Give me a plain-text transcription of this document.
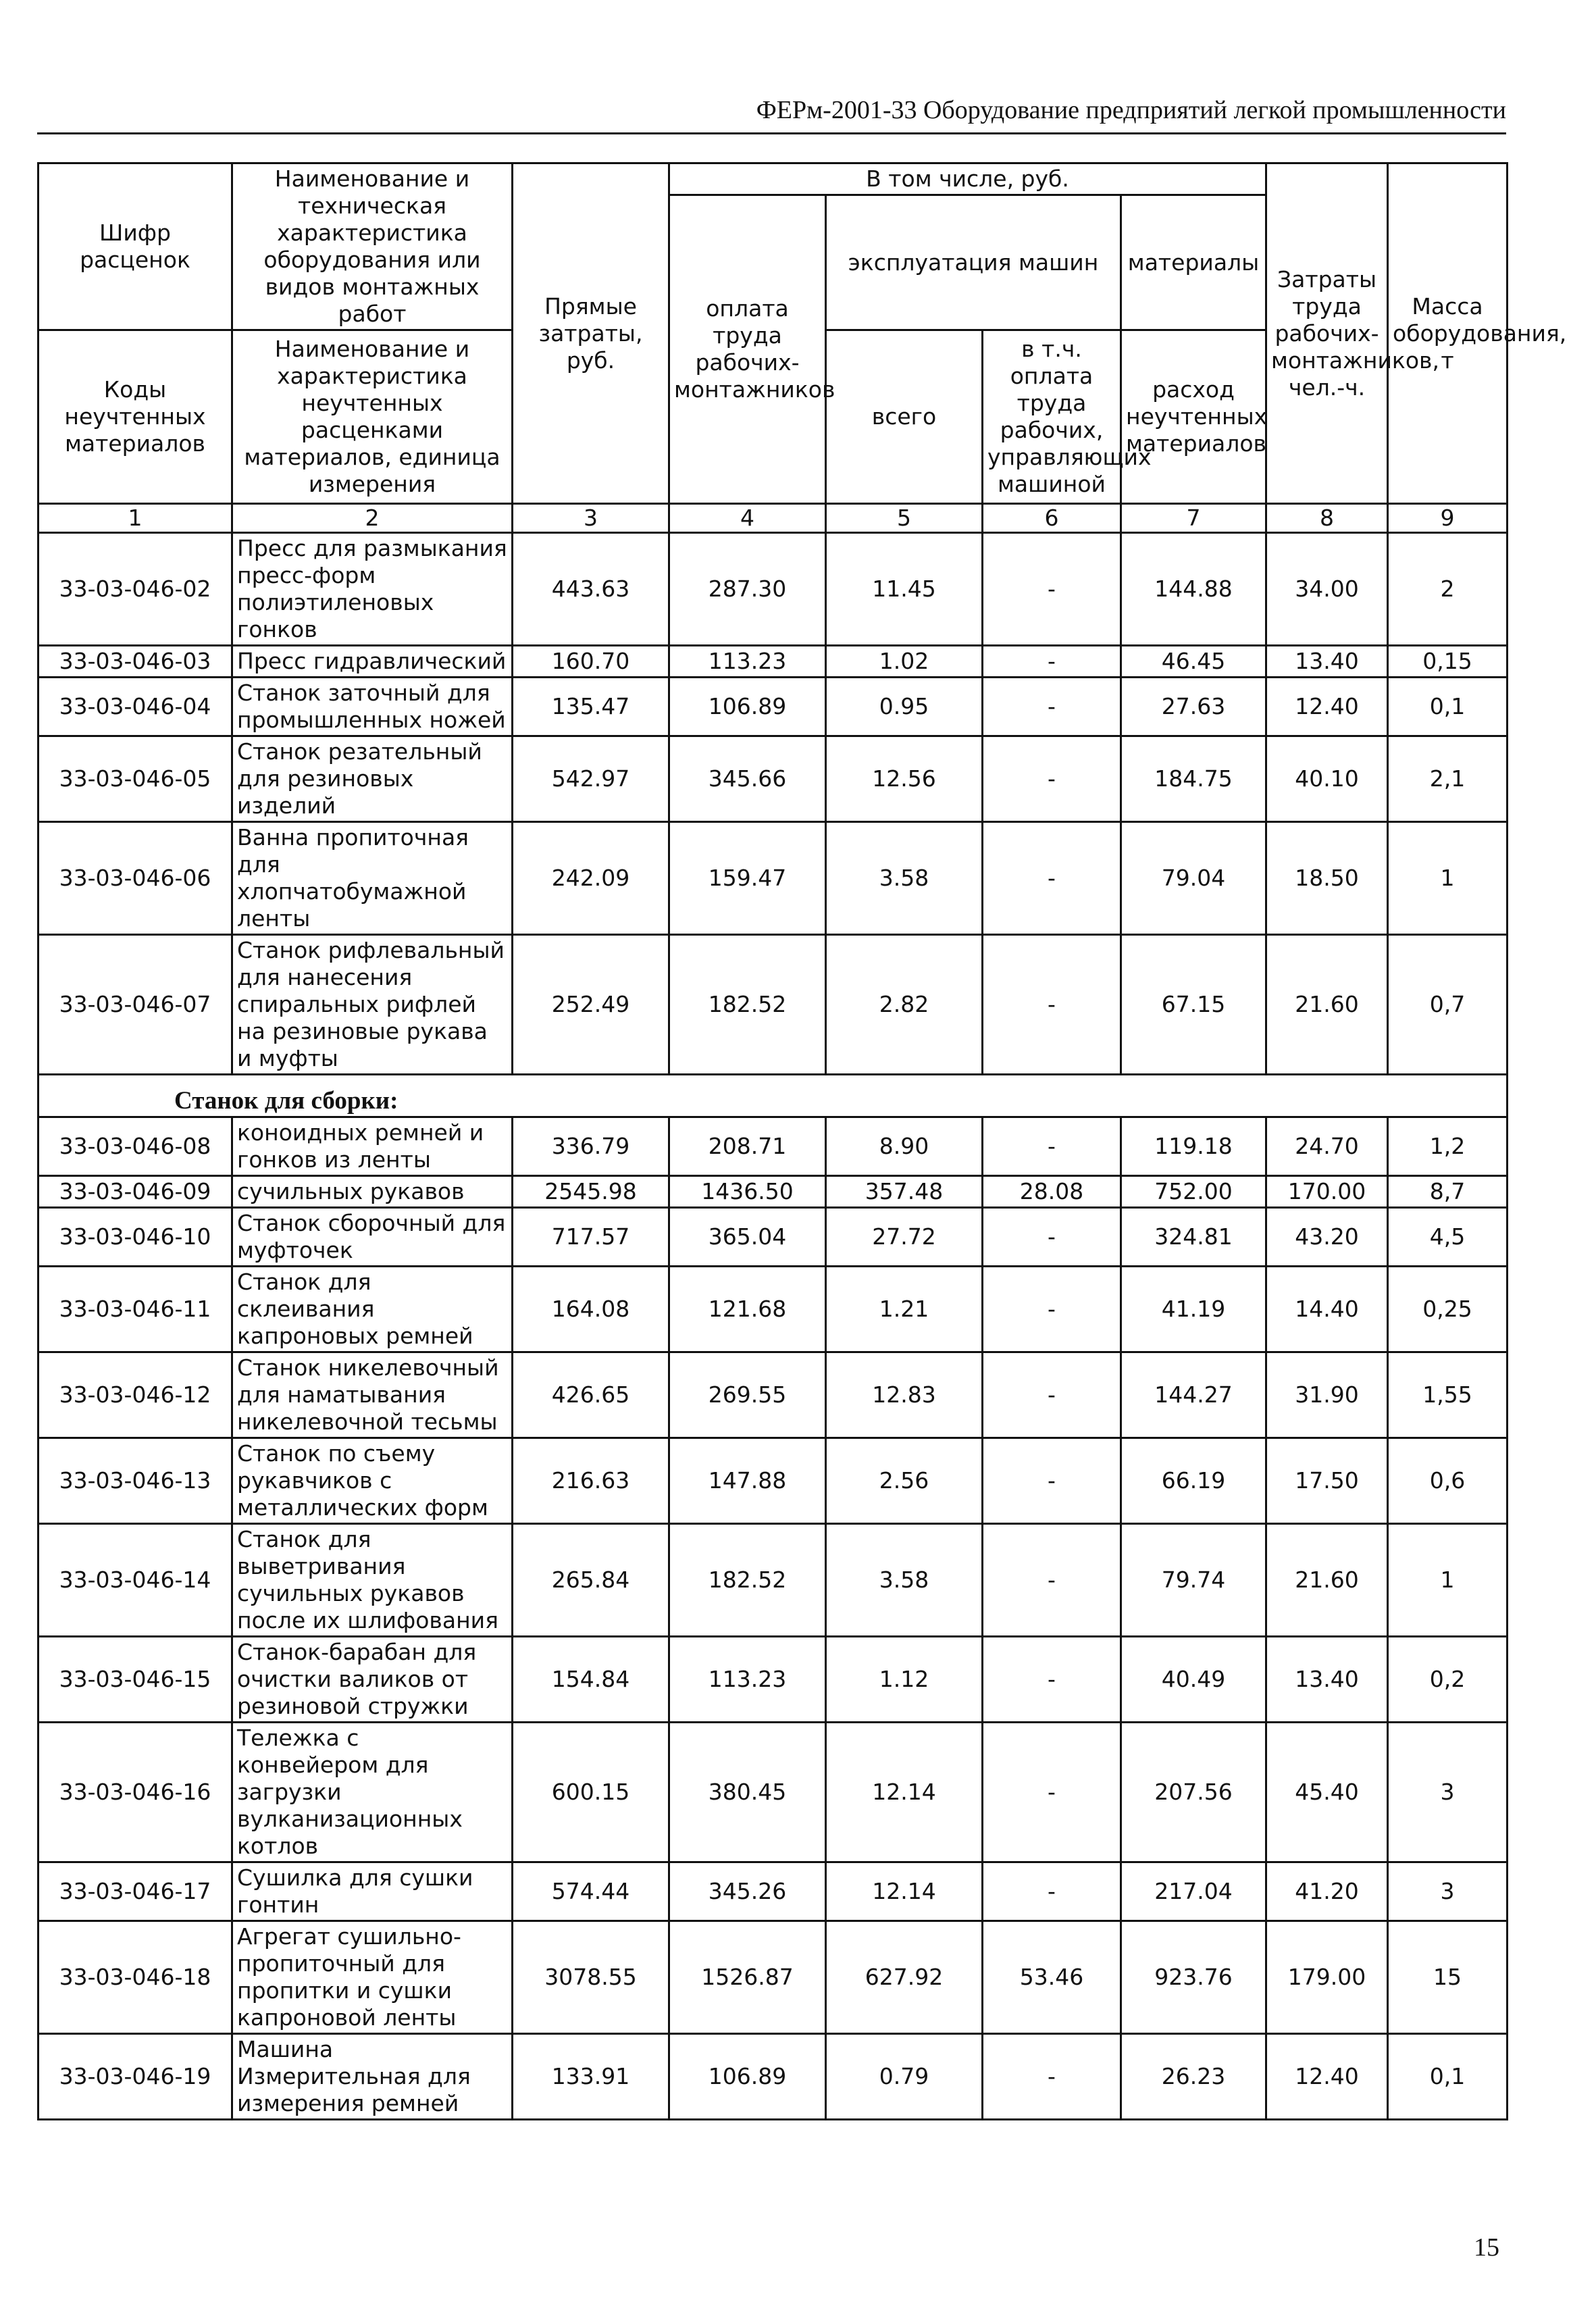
ФЕРм-2001-33 Оборудование предприятий легкой промышленности
Шифр расценок	Наименование и техническая характеристика оборудования или видов монтажных работ	Прямые затраты, руб.	В том числе, руб.				Затраты труда рабочих-монтажников, чел.-ч.	Масса оборудования, т
			оплата труда рабочих-монтажников	эксплуатация машин		материалы		

Коды неучтенных материалов	Наименование и характеристика неучтенных расценками материалов, единица измерения			всего	в т.ч. оплата труда рабочих, управляющих машиной	расход неучтенных материалов		

1	2	3	4	5	6	7	8	9
33-03-046-02	Пресс для размыкания пресс-форм полиэтиленовых гонков	443.63	287.30	11.45	-	144.88	34.00	2
33-03-046-03	Пресс гидравлический	160.70	113.23	1.02	-	46.45	13.40	0,15
33-03-046-04	Станок заточный для промышленных ножей	135.47	106.89	0.95	-	27.63	12.40	0,1
33-03-046-05	Станок резательный для резиновых изделий	542.97	345.66	12.56	-	184.75	40.10	2,1
33-03-046-06	Ванна пропиточная для хлопчатобумажной ленты	242.09	159.47	3.58	-	79.04	18.50	1
33-03-046-07	Станок рифлевальный для нанесения спиральных рифлей на резиновые рукава и муфты	252.49	182.52	2.82	-	67.15	21.60	0,7
Станок для сборки:								
33-03-046-08	коноидных ремней и гонков из ленты	336.79	208.71	8.90	-	119.18	24.70	1,2
33-03-046-09	сучильных рукавов	2545.98	1436.50	357.48	28.08	752.00	170.00	8,7
33-03-046-10	Станок сборочный для муфточек	717.57	365.04	27.72	-	324.81	43.20	4,5
33-03-046-11	Станок для склеивания капроновых ремней	164.08	121.68	1.21	-	41.19	14.40	0,25
33-03-046-12	Станок никелевочный для наматывания никелевочной тесьмы	426.65	269.55	12.83	-	144.27	31.90	1,55
33-03-046-13	Станок по съему рукавчиков с металлических форм	216.63	147.88	2.56	-	66.19	17.50	0,6
33-03-046-14	Станок для выветривания сучильных рукавов после их шлифования	265.84	182.52	3.58	-	79.74	21.60	1
33-03-046-15	Станок-барабан для очистки валиков от резиновой стружки	154.84	113.23	1.12	-	40.49	13.40	0,2
33-03-046-16	Тележка с конвейером для загрузки вулканизационных котлов	600.15	380.45	12.14	-	207.56	45.40	3
33-03-046-17	Сушилка для сушки гонтин	574.44	345.26	12.14	-	217.04	41.20	3
33-03-046-18	Агрегат сушильно-пропиточный для пропитки и сушки капроновой ленты	3078.55	1526.87	627.92	53.46	923.76	179.00	15
33-03-046-19	Машина Измерительная для измерения ремней	133.91	106.89	0.79	-	26.23	12.40	0,1
15
